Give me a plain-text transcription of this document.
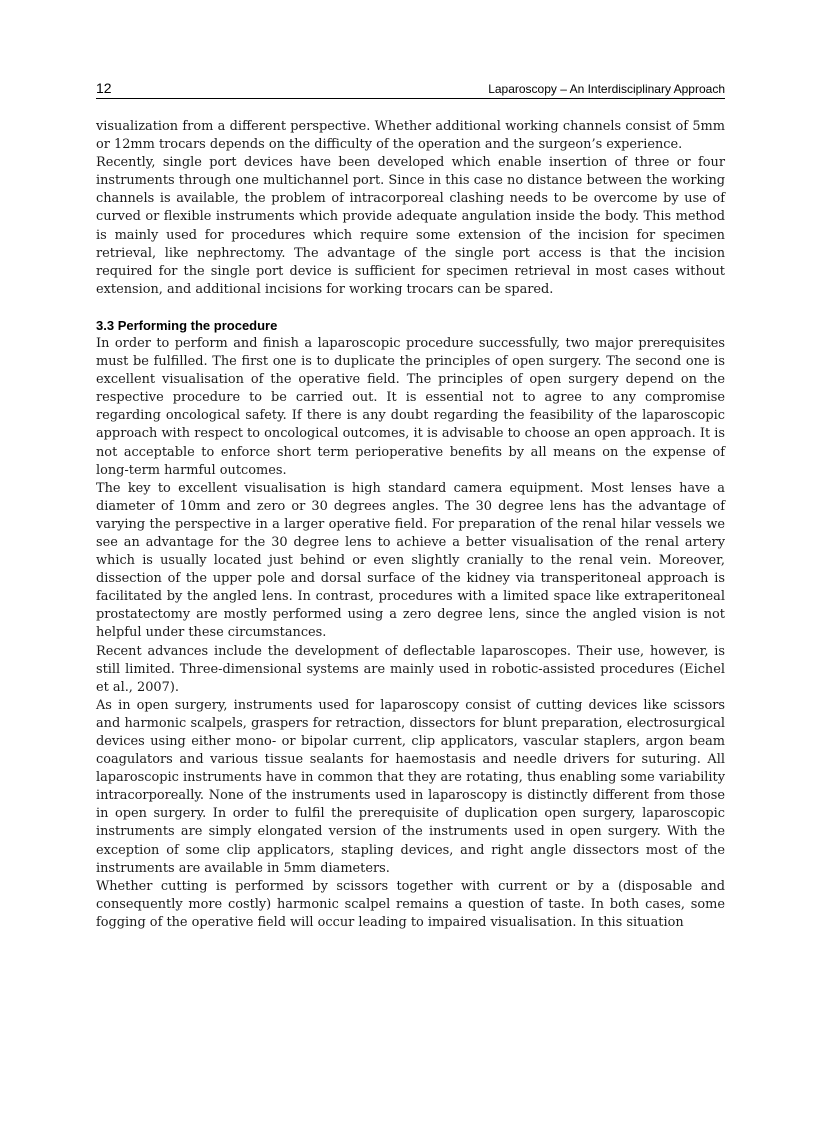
12	Laparoscopy – An Interdisciplinary Approach

visualization from a different perspective. Whether additional working channels consist of 5mm or 12mm trocars depends on the difficulty of the operation and the surgeon’s experience.

Recently, single port devices have been developed which enable insertion of three or four instruments through one multichannel port. Since in this case no distance between the working channels is available, the problem of intracorporeal clashing needs to be overcome by use of curved or flexible instruments which provide adequate angulation inside the body. This method is mainly used for procedures which require some extension of the incision for specimen retrieval, like nephrectomy. The advantage of the single port access is that the incision required for the single port device is sufficient for specimen retrieval in most cases without extension, and additional incisions for working trocars can be spared.

3.3 Performing the procedure

In order to perform and finish a laparoscopic procedure successfully, two major prerequisites must be fulfilled. The first one is to duplicate the principles of open surgery. The second one is excellent visualisation of the operative field. The principles of open surgery depend on the respective procedure to be carried out. It is essential not to agree to any compromise regarding oncological safety. If there is any doubt regarding the feasibility of the laparoscopic approach with respect to oncological outcomes, it is advisable to choose an open approach. It is not acceptable to enforce short term perioperative benefits by all means on the expense of long-term harmful outcomes.

The key to excellent visualisation is high standard camera equipment. Most lenses have a diameter of 10mm and zero or 30 degrees angles. The 30 degree lens has the advantage of varying the perspective in a larger operative field. For preparation of the renal hilar vessels we see an advantage for the 30 degree lens to achieve a better visualisation of the renal artery which is usually located just behind or even slightly cranially to the renal vein. Moreover, dissection of the upper pole and dorsal surface of the kidney via transperitoneal approach is facilitated by the angled lens. In contrast, procedures with a limited space like extraperitoneal prostatectomy are mostly performed using a zero degree lens, since the angled vision is not helpful under these circumstances.

Recent advances include the development of deflectable laparoscopes. Their use, however, is still limited. Three-dimensional systems are mainly used in robotic-assisted procedures (Eichel et al., 2007).

As in open surgery, instruments used for laparoscopy consist of cutting devices like scissors and harmonic scalpels, graspers for retraction, dissectors for blunt preparation, electrosurgical devices using either mono- or bipolar current, clip applicators, vascular staplers, argon beam coagulators and various tissue sealants for haemostasis and needle drivers for suturing. All laparoscopic instruments have in common that they are rotating, thus enabling some variability intracorporeally. None of the instruments used in laparoscopy is distinctly different from those in open surgery. In order to fulfil the prerequisite of duplication open surgery, laparoscopic instruments are simply elongated version of the instruments used in open surgery. With the exception of some clip applicators, stapling devices, and right angle dissectors most of the instruments are available in 5mm diameters.

Whether cutting is performed by scissors together with current or by a (disposable and consequently more costly) harmonic scalpel remains a question of taste. In both cases, some fogging of the operative field will occur leading to impaired visualisation. In this situation
